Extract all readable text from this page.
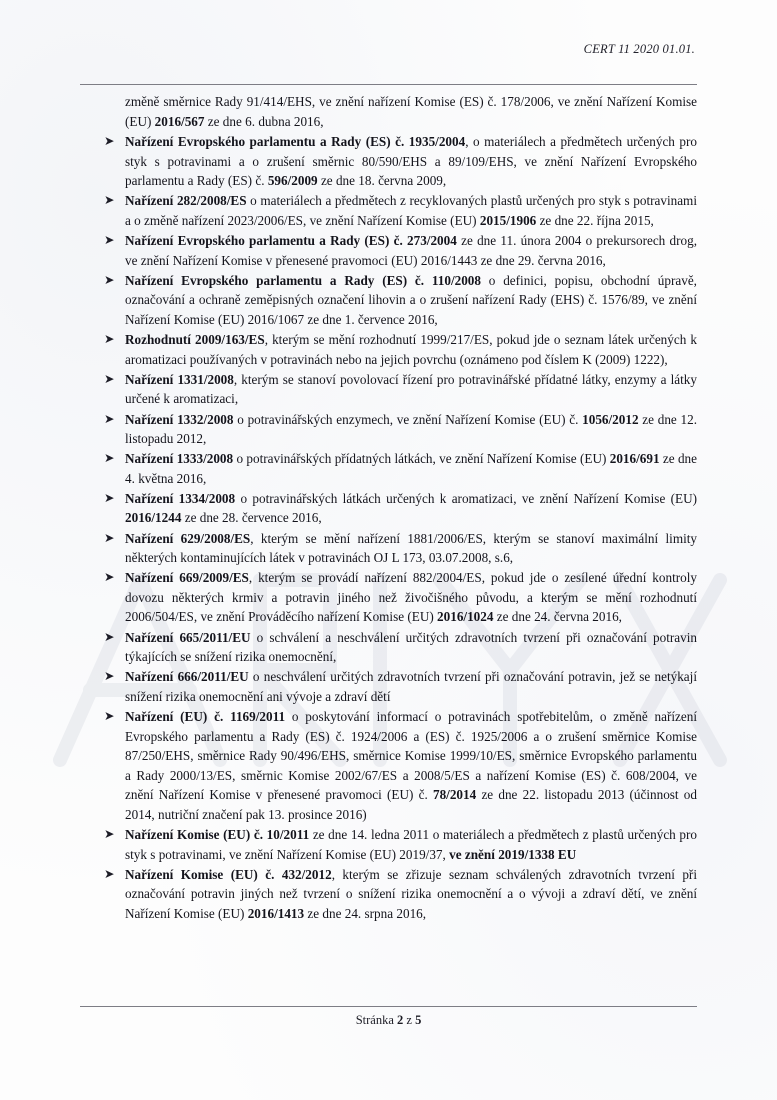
CERT 11 2020 01.01.

změně směrnice Rady 91/414/EHS, ve znění nařízení Komise (ES) č. 178/2006, ve znění Nařízení Komise (EU) 2016/567 ze dne 6. dubna 2016,

➤ Nařízení Evropského parlamentu a Rady (ES) č. 1935/2004, o materiálech a předmětech určených pro styk s potravinami a o zrušení směrnic 80/590/EHS a 89/109/EHS, ve znění Nařízení Evropského parlamentu a Rady (ES) č. 596/2009 ze dne 18. června 2009,
➤ Nařízení 282/2008/ES o materiálech a předmětech z recyklovaných plastů určených pro styk s potravinami a o změně nařízení 2023/2006/ES, ve znění Nařízení Komise (EU) 2015/1906 ze dne 22. října 2015,
➤ Nařízení Evropského parlamentu a Rady (ES) č. 273/2004 ze dne 11. února 2004 o prekursorech drog, ve znění Nařízení Komise v přenesené pravomoci (EU) 2016/1443 ze dne 29. června 2016,
➤ Nařízení Evropského parlamentu a Rady (ES) č. 110/2008 o definici, popisu, obchodní úpravě, označování a ochraně zeměpisných označení lihovin a o zrušení nařízení Rady (EHS) č. 1576/89, ve znění Nařízení Komise (EU) 2016/1067 ze dne 1. července 2016,
➤ Rozhodnutí 2009/163/ES, kterým se mění rozhodnutí 1999/217/ES, pokud jde o seznam látek určených k aromatizaci používaných v potravinách nebo na jejich povrchu (oznámeno pod číslem K (2009) 1222),
➤ Nařízení 1331/2008, kterým se stanoví povolovací řízení pro potravinářské přídatné látky, enzymy a látky určené k aromatizaci,
➤ Nařízení 1332/2008 o potravinářských enzymech, ve znění Nařízení Komise (EU) č. 1056/2012 ze dne 12. listopadu 2012,
➤ Nařízení 1333/2008 o potravinářských přídatných látkách, ve znění Nařízení Komise (EU) 2016/691 ze dne 4. května 2016,
➤ Nařízení 1334/2008 o potravinářských látkách určených k aromatizaci, ve znění Nařízení Komise (EU) 2016/1244 ze dne 28. července 2016,
➤ Nařízení 629/2008/ES, kterým se mění nařízení 1881/2006/ES, kterým se stanoví maximální limity některých kontaminujících látek v potravinách OJ L 173, 03.07.2008, s.6,
➤ Nařízení 669/2009/ES, kterým se provádí nařízení 882/2004/ES, pokud jde o zesílené úřední kontroly dovozu některých krmiv a potravin jiného než živočišného původu, a kterým se mění rozhodnutí 2006/504/ES, ve znění Prováděcího nařízení Komise (EU) 2016/1024 ze dne 24. června 2016,
➤ Nařízení 665/2011/EU o schválení a neschválení určitých zdravotních tvrzení při označování potravin týkajících se snížení rizika onemocnění,
➤ Nařízení 666/2011/EU o neschválení určitých zdravotních tvrzení při označování potravin, jež se netýkají snížení rizika onemocnění ani vývoje a zdraví dětí
➤ Nařízení (EU) č. 1169/2011 o poskytování informací o potravinách spotřebitelům, o změně nařízení Evropského parlamentu a Rady (ES) č. 1924/2006 a (ES) č. 1925/2006 a o zrušení směrnice Komise 87/250/EHS, směrnice Rady 90/496/EHS, směrnice Komise 1999/10/ES, směrnice Evropského parlamentu a Rady 2000/13/ES, směrnic Komise 2002/67/ES a 2008/5/ES a nařízení Komise (ES) č. 608/2004, ve znění Nařízení Komise v přenesené pravomoci (EU) č. 78/2014 ze dne 22. listopadu 2013 (účinnost od 2014, nutriční značení pak 13. prosince 2016)
➤ Nařízení Komise (EU) č. 10/2011 ze dne 14. ledna 2011 o materiálech a předmětech z plastů určených pro styk s potravinami, ve znění Nařízení Komise (EU) 2019/37, ve znění 2019/1338 EU
➤ Nařízení Komise (EU) č. 432/2012, kterým se zřizuje seznam schválených zdravotních tvrzení při označování potravin jiných než tvrzení o snížení rizika onemocnění a o vývoji a zdraví dětí, ve znění Nařízení Komise (EU) 2016/1413 ze dne 24. srpna 2016,
Stránka 2 z 5
